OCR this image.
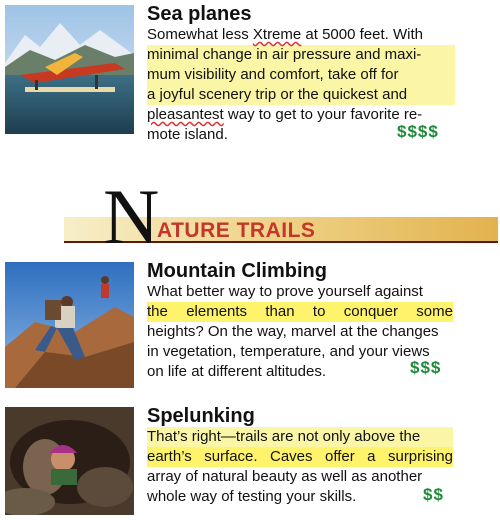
Sea planes
Somewhat less Xtreme at 5000 feet. With
minimal change in air pressure and maxi-
mum visibility and comfort, take off for
a joyful scenery trip or the quickest and
pleasantest way to get to your favorite re-
mote island.	$$$$
N
ATURE TRAILS
Mountain Climbing
What better way to prove yourself against
the elements than to conquer some
heights? On the way, marvel at the changes
in vegetation, temperature, and your views
on life at different altitudes.	$$$
Spelunking
That’s right—trails are not only above the
earth’s surface. Caves offer a surprising
array of natural beauty as well as another
whole way of testing your skills.	$$
